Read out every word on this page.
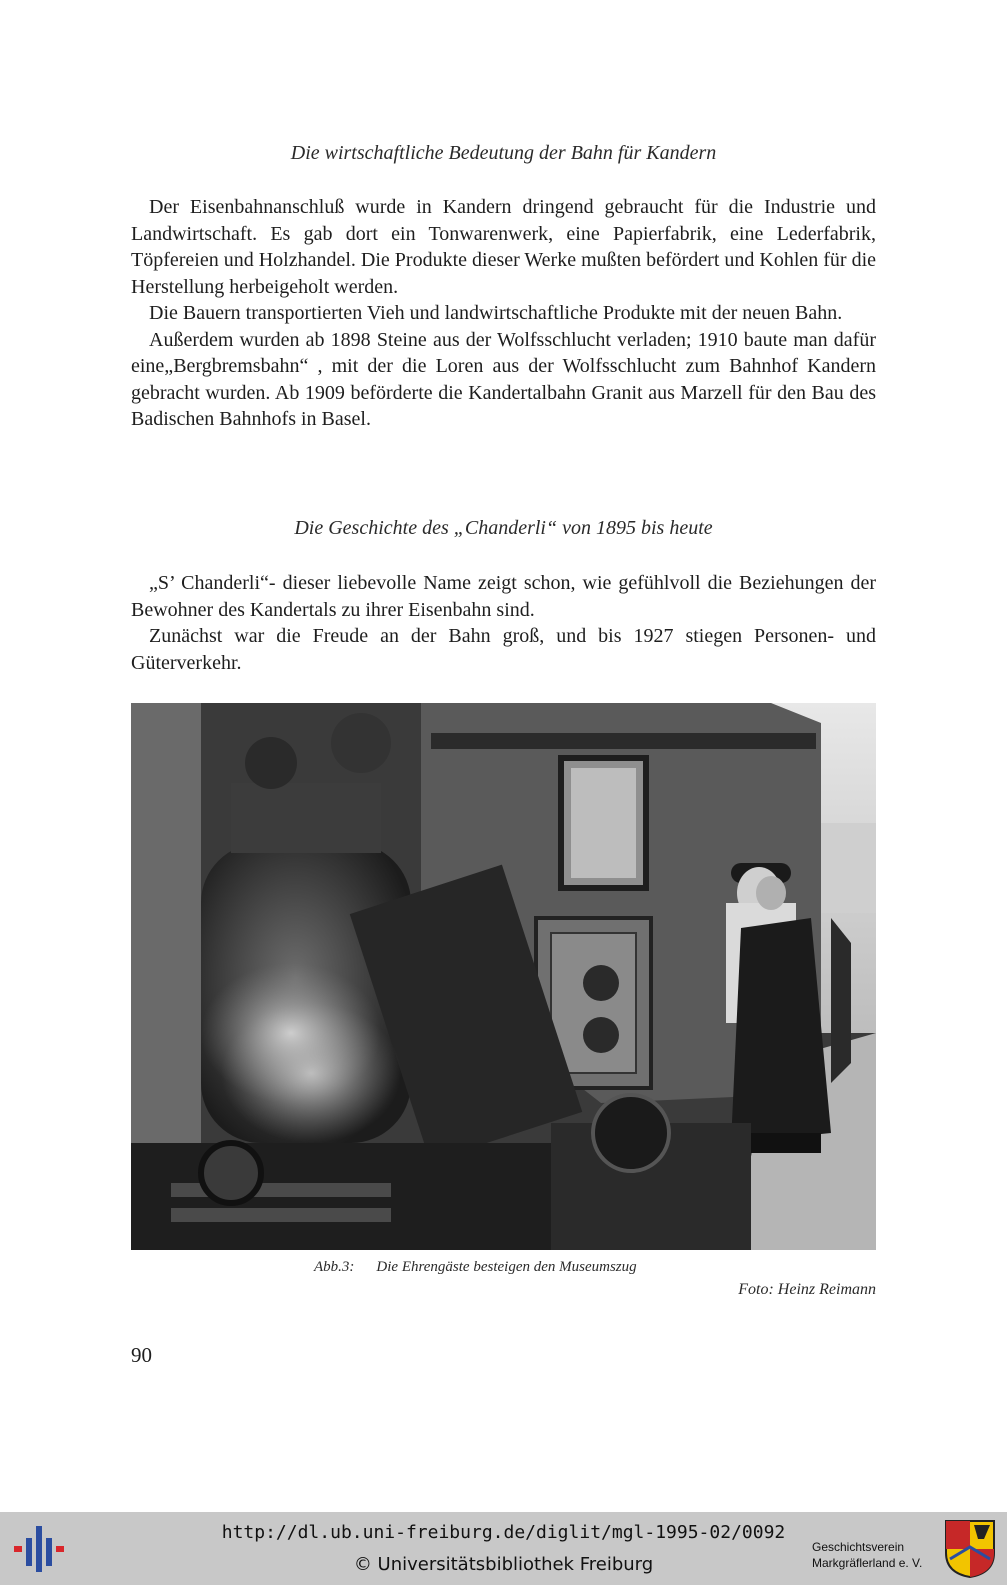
Die wirtschaftliche Bedeutung der Bahn für Kandern

Der Eisenbahnanschluß wurde in Kandern dringend gebraucht für die Industrie und Landwirtschaft. Es gab dort ein Tonwarenwerk, eine Papierfabrik, eine Lederfabrik, Töpfereien und Holzhandel. Die Produkte dieser Werke mußten befördert und Kohlen für die Herstellung herbeigeholt werden.

Die Bauern transportierten Vieh und landwirtschaftliche Produkte mit der neuen Bahn.

Außerdem wurden ab 1898 Steine aus der Wolfsschlucht verladen; 1910 baute man dafür eine„Bergbremsbahn“ , mit der die Loren aus der Wolfsschlucht zum Bahnhof Kandern gebracht wurden. Ab 1909 beförderte die Kandertalbahn Granit aus Marzell für den Bau des Badischen Bahnhofs in Basel.

Die Geschichte des „Chanderli“ von 1895 bis heute

„S’ Chanderli“- dieser liebevolle Name zeigt schon, wie gefühlvoll die Beziehungen der Bewohner des Kandertals zu ihrer Eisenbahn sind.

Zunächst war die Freude an der Bahn groß, und bis 1927 stiegen Personen- und Güterverkehr.

Abb.3: Die Ehrengäste besteigen den Museumszug
Foto: Heinz Reimann
90
http://dl.ub.uni-freiburg.de/diglit/mgl-1995-02/0092
© Universitätsbibliothek Freiburg
Geschichtsverein
Markgräflerland e. V.
